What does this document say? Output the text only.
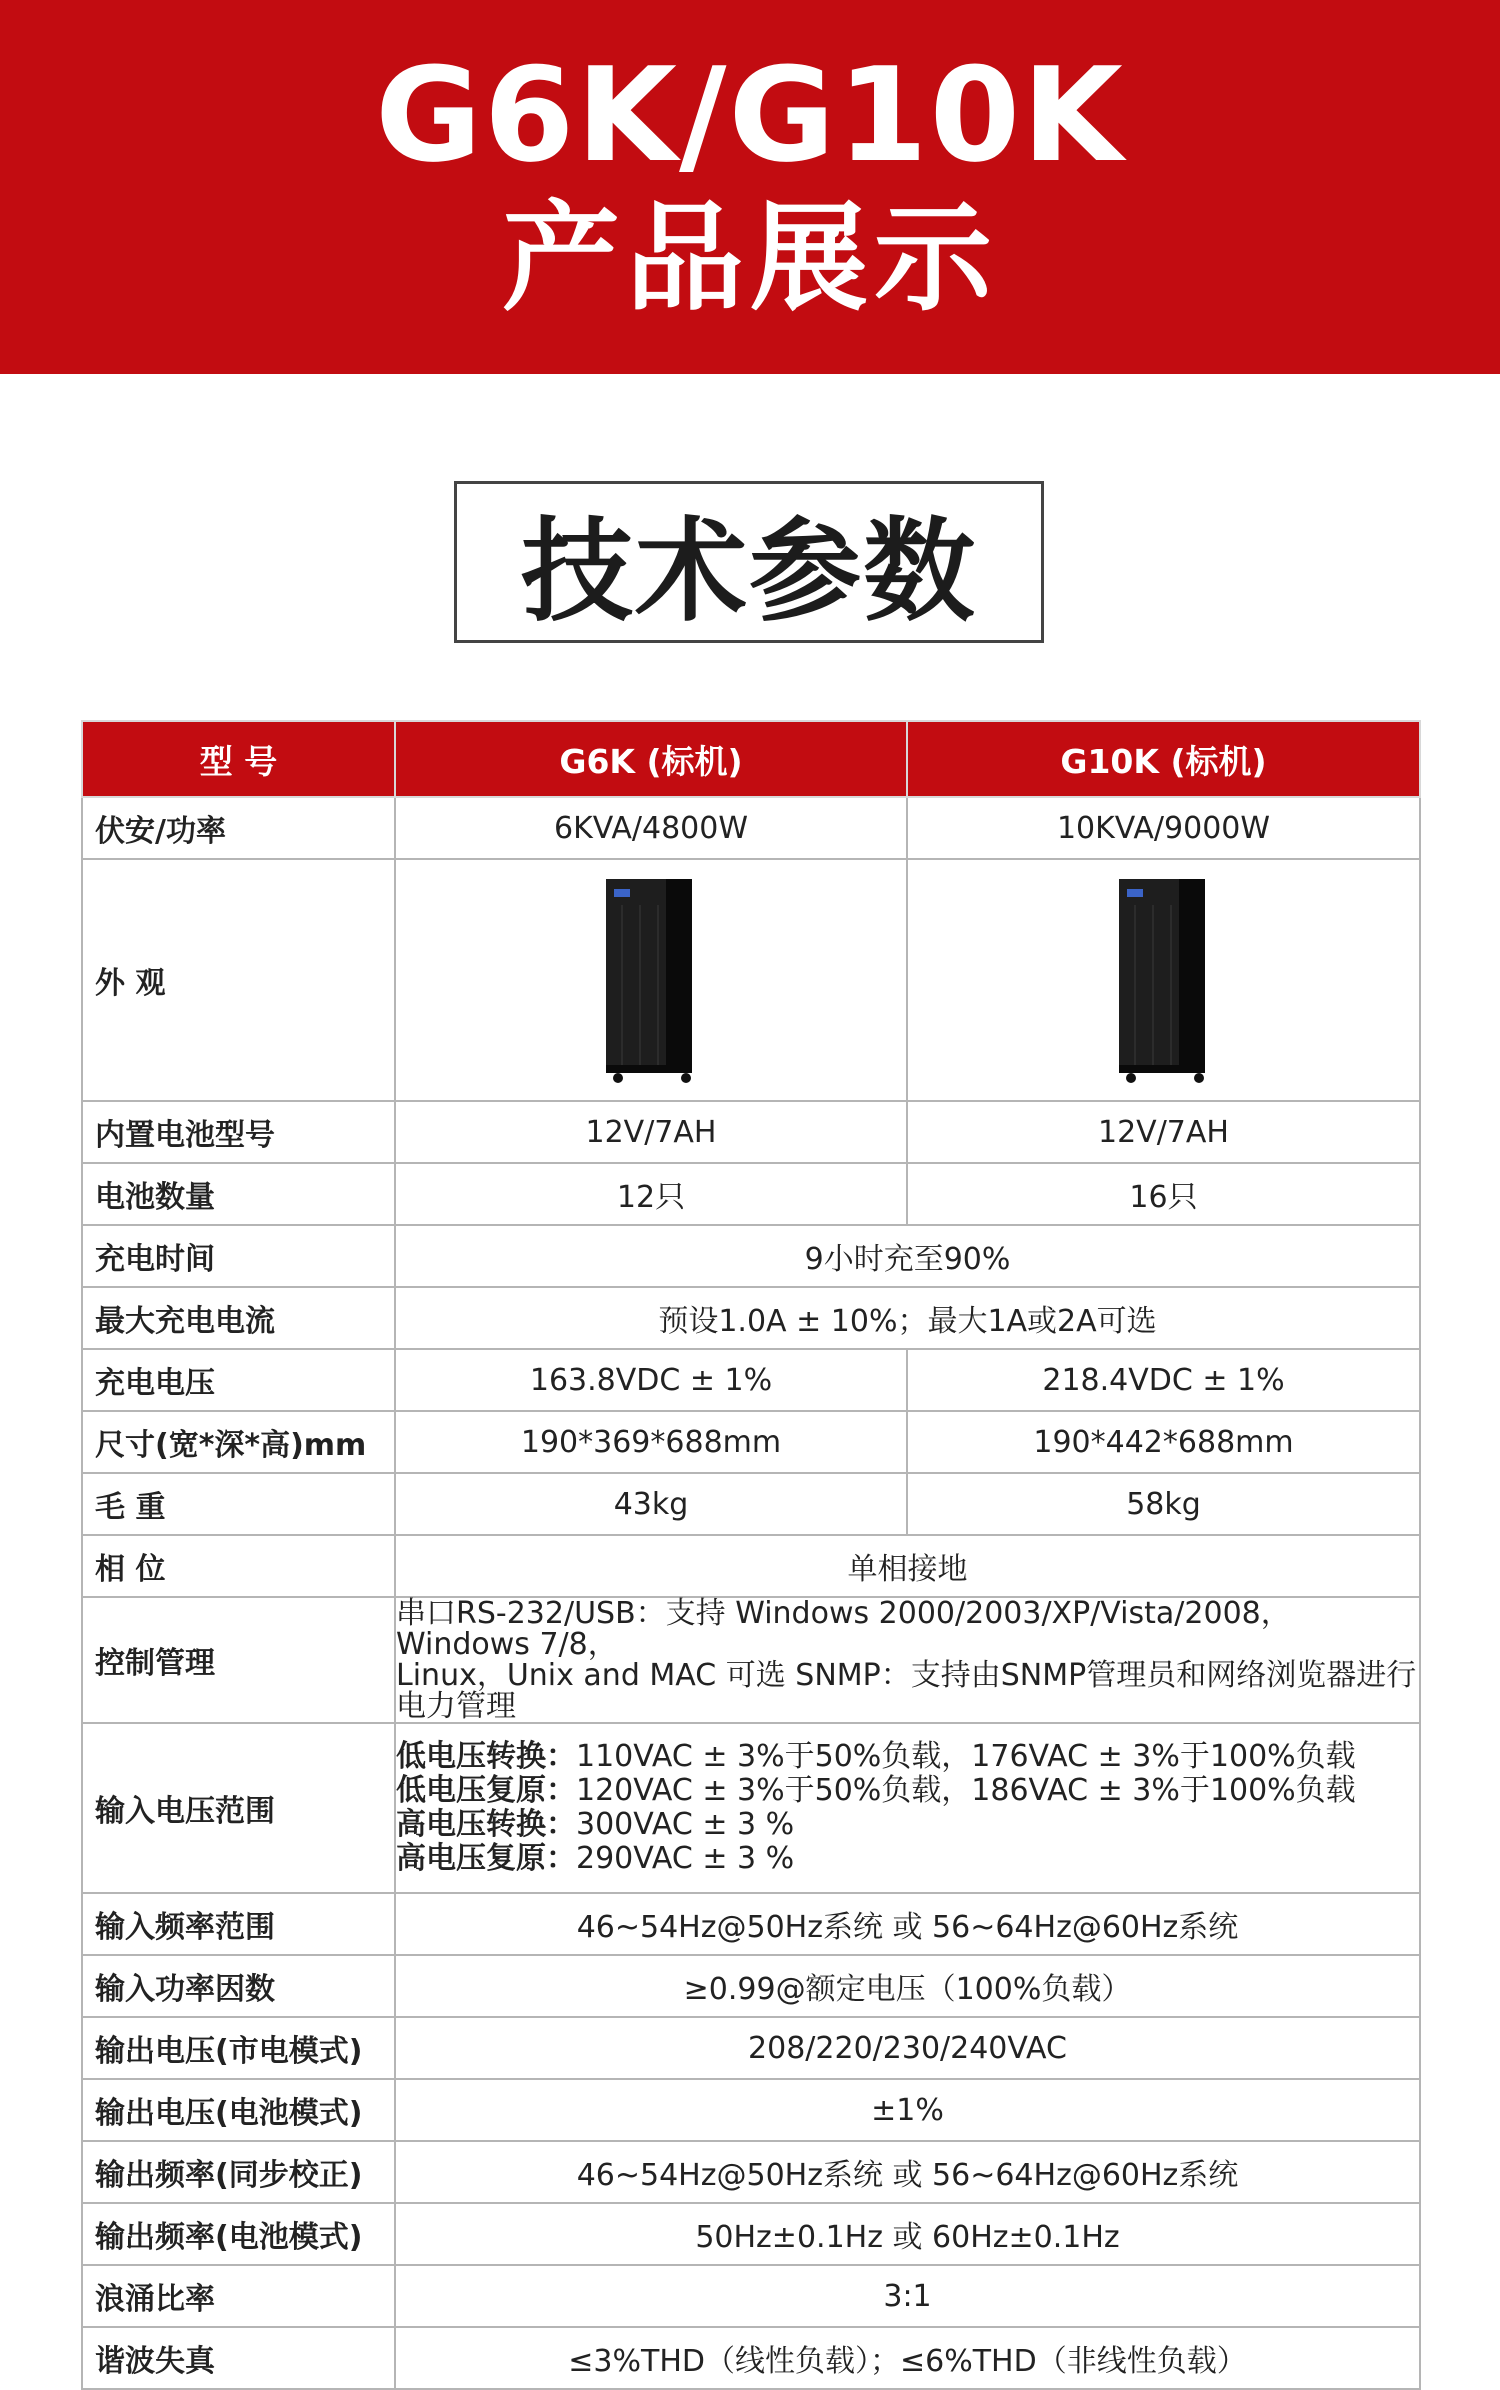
G6K/G10K
产品展示
技术参数
型 号	G6K (标机)	G10K (标机)
伏安/功率	6KVA/4800W	10KVA/9000W
外 观	

内置电池型号	12V/7AH	12V/7AH
电池数量	12只	16只
充电时间	9小时充至90%	
最大充电电流	预设1.0A ± 10%；最大1A或2A可选	
充电电压	163.8VDC ± 1%	218.4VDC ± 1%
尺寸(宽*深*高)mm	190*369*688mm	190*442*688mm
毛 重	43kg	58kg
相 位	单相接地	
控制管理	串口RS-232/USB：支持 Windows 2000/2003/XP/Vista/2008，Windows 7/8，
Linux，Unix and MAC 可选 SNMP：支持由SNMP管理员和网络浏览器进行电力管理	

输入电压范围	低电压转换：110VAC ± 3%于50%负载，176VAC ± 3%于100%负载
低电压复原：120VAC ± 3%于50%负载，186VAC ± 3%于100%负载
高电压转换：300VAC ± 3 %
高电压复原：290VAC ± 3 %	

输入频率范围	46~54Hz@50Hz系统 或 56~64Hz@60Hz系统	
输入功率因数	≥0.99@额定电压（100%负载）	
输出电压(市电模式)	208/220/230/240VAC	
输出电压(电池模式)	±1%	
输出频率(同步校正)	46~54Hz@50Hz系统 或 56~64Hz@60Hz系统	
输出频率(电池模式)	50Hz±0.1Hz 或 60Hz±0.1Hz	
浪涌比率	3:1	
谐波失真	≤3%THD（线性负载）；≤6%THD（非线性负载）	
